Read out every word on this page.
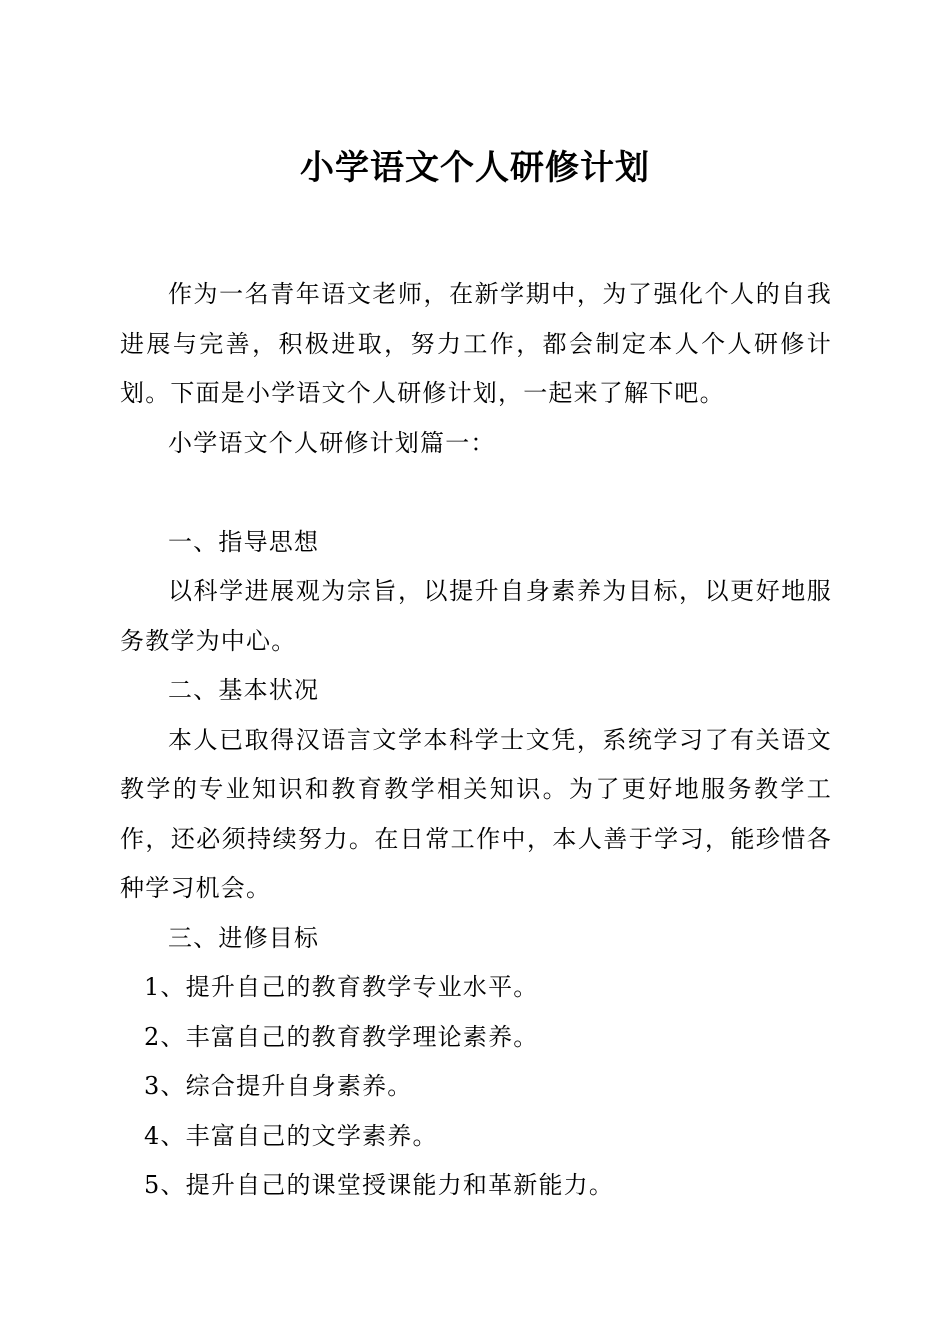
小学语文个人研修计划

作为一名青年语文老师，在新学期中，为了强化个人的自我进展与完善，积极进取，努力工作，都会制定本人个人研修计划。下面是小学语文个人研修计划，一起来了解下吧。

小学语文个人研修计划篇一：

一、指导思想

以科学进展观为宗旨，以提升自身素养为目标，以更好地服务教学为中心。

二、基本状况

本人已取得汉语言文学本科学士文凭，系统学习了有关语文教学的专业知识和教育教学相关知识。为了更好地服务教学工作，还必须持续努力。在日常工作中，本人善于学习，能珍惜各种学习机会。

三、进修目标

1、提升自己的教育教学专业水平。

2、丰富自己的教育教学理论素养。

3、综合提升自身素养。

4、丰富自己的文学素养。

5、提升自己的课堂授课能力和革新能力。
